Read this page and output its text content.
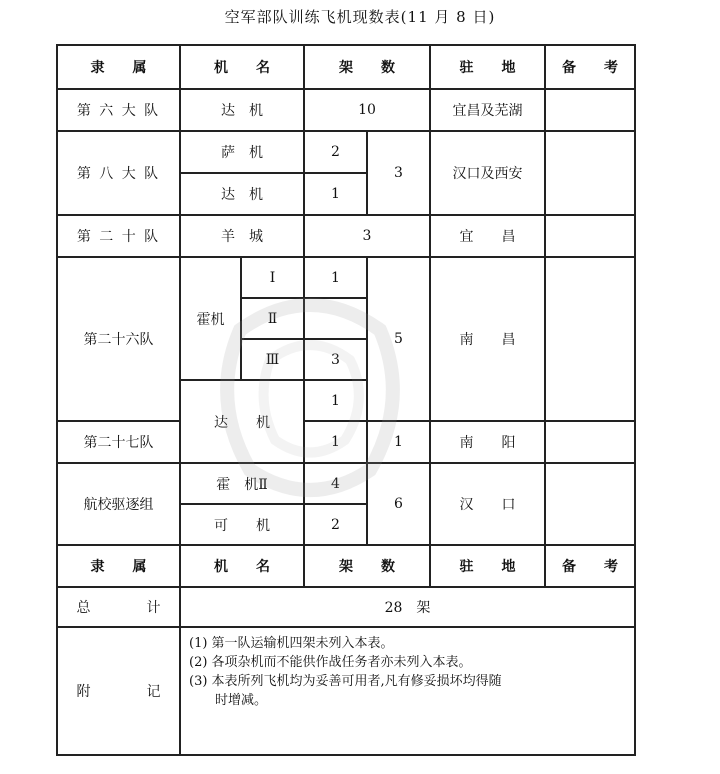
空军部队训练飞机现数表(11 月 8 日)
隶　　属	机　　名		架　　数		驻　　地	备　　考
第 六 大 队	达　机		10		宜昌及芜湖	
第 八 大 队	萨　机		2	3	汉口及西安	
	达　机		1			
第 二 十 队	羊　城		3		宜　　昌	
第二十六队	霍机	Ⅰ	1	5	南　　昌	
		Ⅱ				
		Ⅲ	3			
	达　　机		1			
第二十七队			1	1	南　　阳	
航校驱逐组	霍　机Ⅱ		4	6	汉　　口	
	可　　机		2			
隶　　属	机　　名		架　　数		驻　　地	备　　考
总　　　　计	28　架					
附　　　　记	(1) 第一队运输机四架未列入本表。
(2) 各项杂机而不能供作战任务者亦未列入本表。
(3) 本表所列飞机均为妥善可用者,凡有修妥损坏均得随
时增减。					
